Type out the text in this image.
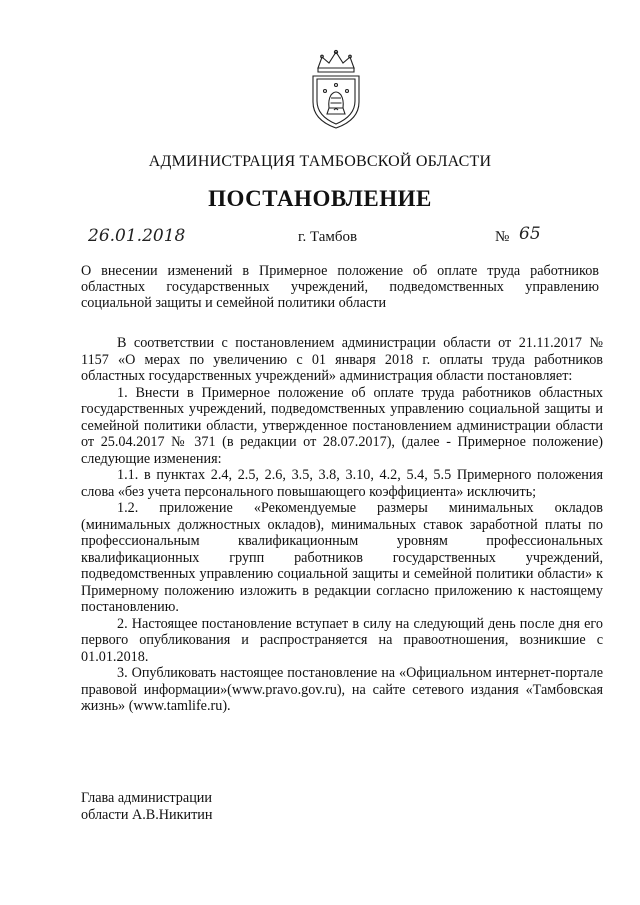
АДМИНИСТРАЦИЯ ТАМБОВСКОЙ ОБЛАСТИ
ПОСТАНОВЛЕНИЕ
26.01.2018	г. Тамбов	№ 65
О внесении изменений в Примерное положение об оплате труда работников областных государственных учреждений, подведомственных управлению социальной защиты и семейной политики области

В соответствии с постановлением администрации области от 21.11.2017 № 1157 «О мерах по увеличению с 01 января 2018 г. оплаты труда работников областных государственных учреждений» администрация области постановляет:

1. Внести в Примерное положение об оплате труда работников областных государственных учреждений, подведомственных управлению социальной защиты и семейной политики области, утвержденное постановлением администрации области от 25.04.2017 № 371 (в редакции от 28.07.2017), (далее - Примерное положение) следующие изменения:

1.1. в пунктах 2.4, 2.5, 2.6, 3.5, 3.8, 3.10, 4.2, 5.4, 5.5 Примерного положения слова «без учета персонального повышающего коэффициента» исключить;

1.2. приложение «Рекомендуемые размеры минимальных окладов (минимальных должностных окладов), минимальных ставок заработной платы по профессиональным квалификационным уровням профессиональных квалификационных групп работников государственных учреждений, подведомственных управлению социальной защиты и семейной политики области» к Примерному положению изложить в редакции согласно приложению к настоящему постановлению.

2. Настоящее постановление вступает в силу на следующий день после дня его первого опубликования и распространяется на правоотношения, возникшие с 01.01.2018.

3. Опубликовать настоящее постановление на «Официальном интернет-портале правовой информации»(www.pravo.gov.ru), на сайте сетевого издания «Тамбовская жизнь» (www.tamlife.ru).

Глава администрации
области А.В.Никитин
